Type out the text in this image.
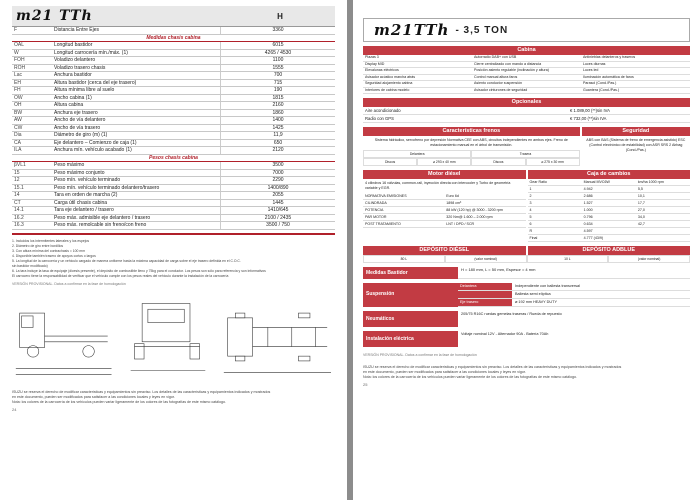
m21 TTh	H
F	Distancia Entre Ejes	3360
Medidas chasis cabina		
OAL	Longitud bastidor	6015
W	Longitud carrocería mín./máx. (1)	4265 / 4530
FOH	Voladizo delantero	1100
ROH	Voladizo trasero chasis	1555
Lac	Anchura bastidor	700
EH	Altura bastidor (cerca del eje trasero)	715
FH	Altura mínima libre al suelo	190
OW	Ancho cabina (1)	1815
OH	Altura cabina	2160
BW	Anchura eje trasero	1860
AW	Ancho de vía delantero	1400
CW	Ancho de vía trasero	1425
Dia	Diámetro de giro (m) (1)	11,9
CA	Eje delantero – Comienzo de caja (1)	650
ILA	Anchura mín. vehículo acabado (1)	2120
Pesos chasis cabina		
βVL1	Peso máximo	3500
15	Peso máximo conjunto	7000
12	Peso mín. vehículo terminado	2290
15.1	Peso mín. vehículo terminado delantero/trasero	1400/890
14	Tara en orden de marcha (2)	2055
CT	Carga útil chasis cabina	1445
14.1	Tara eje delantero / trasero	1410/645
16.2	Peso máx. admisible eje delantero / trasero	2100 / 2435
16.3	Peso máx. remolcable sin freno/con freno	3500 / 750
1. Incluidos los intermitentes laterales y los espejos
2. Diámetro de giro entre bordillos
3. Con altura mínima del contrachasis = 100 mm
4. Disponible también trasero de apoyos cortos o largos
5. La longitud de la carrocería y un vehículo cargado de manera uniforme hasta la máxima capacidad de carga sobre el eje trasero definida en el C.O.C.
sin bastidor modificado)
6. La tara incluye la tasa de equipaje (dicesis presente), el depósito de combustible lleno y 75kg para el conductor. Los pesos son sólo para referencia y son informativos
El carrocero tiene la responsabilidad de verificar que el vehículo cumple con los pesos reales del vehículo durante la instalación de la carrocería
VERSIÓN PROVISIONAL. Datos a confirmar en la fase de homologación
ISUZU se reserva el derecho de modificar características y equipamientos sin preaviso. Los detalles de las características y equipamientos indicados y mostrados
en este documento, pueden ser modificados para satisfacer a las condiciones locales y leyes en vigor.
Nota: los colores de la carrocería de los vehículos pueden variar ligeramente de los colores de las fotografías de este mismo catálogo.
24
m21TTh - 3,5 TON
Cabina
Plazas 3	Autorradio DAB+ con USB	Antinieblas delanteros y traseros
Display MID	Cierre centralizado con mando a distancia	Luces diurnas
Elevalunas eléctricos	Posición asiento regulable (inclinación y altura)	Luces led
Avisador acústico marcha atrás	Control manual altura faros	Iluminación automática de faros
Seguridad alojamiento cabina	Asiento conductor suspensión	Parasol (Cond./Pas.)
Interiores de cabina modelo	Avisador cinturones de seguridad	Guantera (Cond./Pas.)
Opcionales
Aire acondicionado	€ 1.089,00 (**)sin IVA
Radio con GPS	€ 732,00 (**)sin IVA
Características frenos
Sistema hidráulico, servofreno por depresión Normativa CEE con ABS, circuitos independientes en ambos ejes. Freno de estacionamiento manual en el árbol de transmisión.
Delantera	Trasera
Discos	⌀ 293 x 40 mm	Discos	⌀ 275 x 30 mm
Seguridad
ABS con BAS (Sistema de freno de emergencia asistido) ESC (Control electrónico de estabilidad) con ASR SRS 2 Airbag (Cond./Pas.)
Motor diésel
4 cilindros 16 válvulas, common-rail, inyección directa con intercooler y Turbo de geometría variable y EGR.
NORMATIVA EMISIONES	Euro 6d
CILINDRADA	1898 cm³
POTENCIA	88 kW (120 hp) @ 3000 - 3200 rpm
PAR MOTOR	320 Nm@ 1.600 – 2.000 rpm
POST TRATAMIENTO	LNT / DPD / SCR
Caja de cambios
Gear Ratio	Manual MVC6W	km/ha 1000 rpm
1	4.942	5,5
2	2.686	10,1
3	1.527	17,7
4	1.000	27,0
5	0.796	34,0
6	0.634	42,7
R	4.597
Final	4.777 (43/9)
DEPÓSITO DIÉSEL	DEPÓSITO ADBLUE
80 L	(valor nominal)	10 L	(valor nominal)
Medidas Bastidor
H = 180 mm, L = 50 mm, Espesor = 4 mm
Suspensión
Delantera	Independiente con ballesta transversal
Ballesta semi elíptica
Eje trasero	⌀ 192 mm HEAVY DUTY
Neumáticos
205/75 R16C ruedas gemelas traseras / Rueda de repuesto
Instalación eléctrica
Voltaje nominal 12V - Alternador 90A - Batería 70Ah
VERSIÓN PROVISIONAL. Datos a confirmar en la fase de homologación
ISUZU se reserva el derecho de modificar características y equipamientos sin preaviso. Los detalles de las características y equipamientos indicados y mostrados
en este documento, pueden ser modificados para satisfacer a las condiciones locales y leyes en vigor.
Nota: los colores de la carrocería de los vehículos pueden variar ligeramente de los colores de las fotografías de este mismo catálogo.
25
